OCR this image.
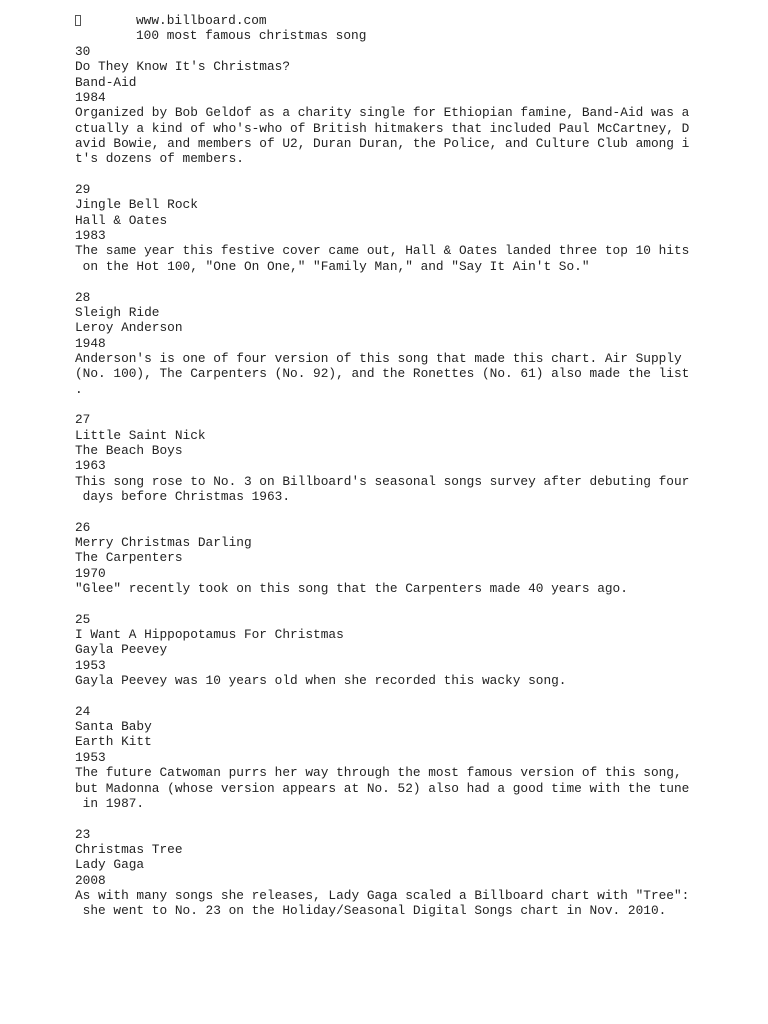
www.billboard.com

100 most famous christmas song

30
Do They Know It's Christmas?
Band-Aid
1984
Organized by Bob Geldof as a charity single for Ethiopian famine, Band-Aid was a
ctually a kind of who's-who of British hitmakers that included Paul McCartney, D
avid Bowie, and members of U2, Duran Duran, the Police, and Culture Club among i
t's dozens of members.
29
Jingle Bell Rock
Hall & Oates
1983
The same year this festive cover came out, Hall & Oates landed three top 10 hits
on the Hot 100, "One On One," "Family Man," and "Say It Ain't So."
28
Sleigh Ride
Leroy Anderson
1948
Anderson's is one of four version of this song that made this chart. Air Supply
(No. 100), The Carpenters (No. 92), and the Ronettes (No. 61) also made the list
.
27
Little Saint Nick
The Beach Boys
1963
This song rose to No. 3 on Billboard's seasonal songs survey after debuting four
days before Christmas 1963.
26
Merry Christmas Darling
The Carpenters
1970
"Glee" recently took on this song that the Carpenters made 40 years ago.
25
I Want A Hippopotamus For Christmas
Gayla Peevey
1953
Gayla Peevey was 10 years old when she recorded this wacky song.
24
Santa Baby
Earth Kitt
1953
The future Catwoman purrs her way through the most famous version of this song,
but Madonna (whose version appears at No. 52) also had a good time with the tune
in 1987.
23
Christmas Tree
Lady Gaga
2008
As with many songs she releases, Lady Gaga scaled a Billboard chart with "Tree":
she went to No. 23 on the Holiday/Seasonal Digital Songs chart in Nov. 2010.
